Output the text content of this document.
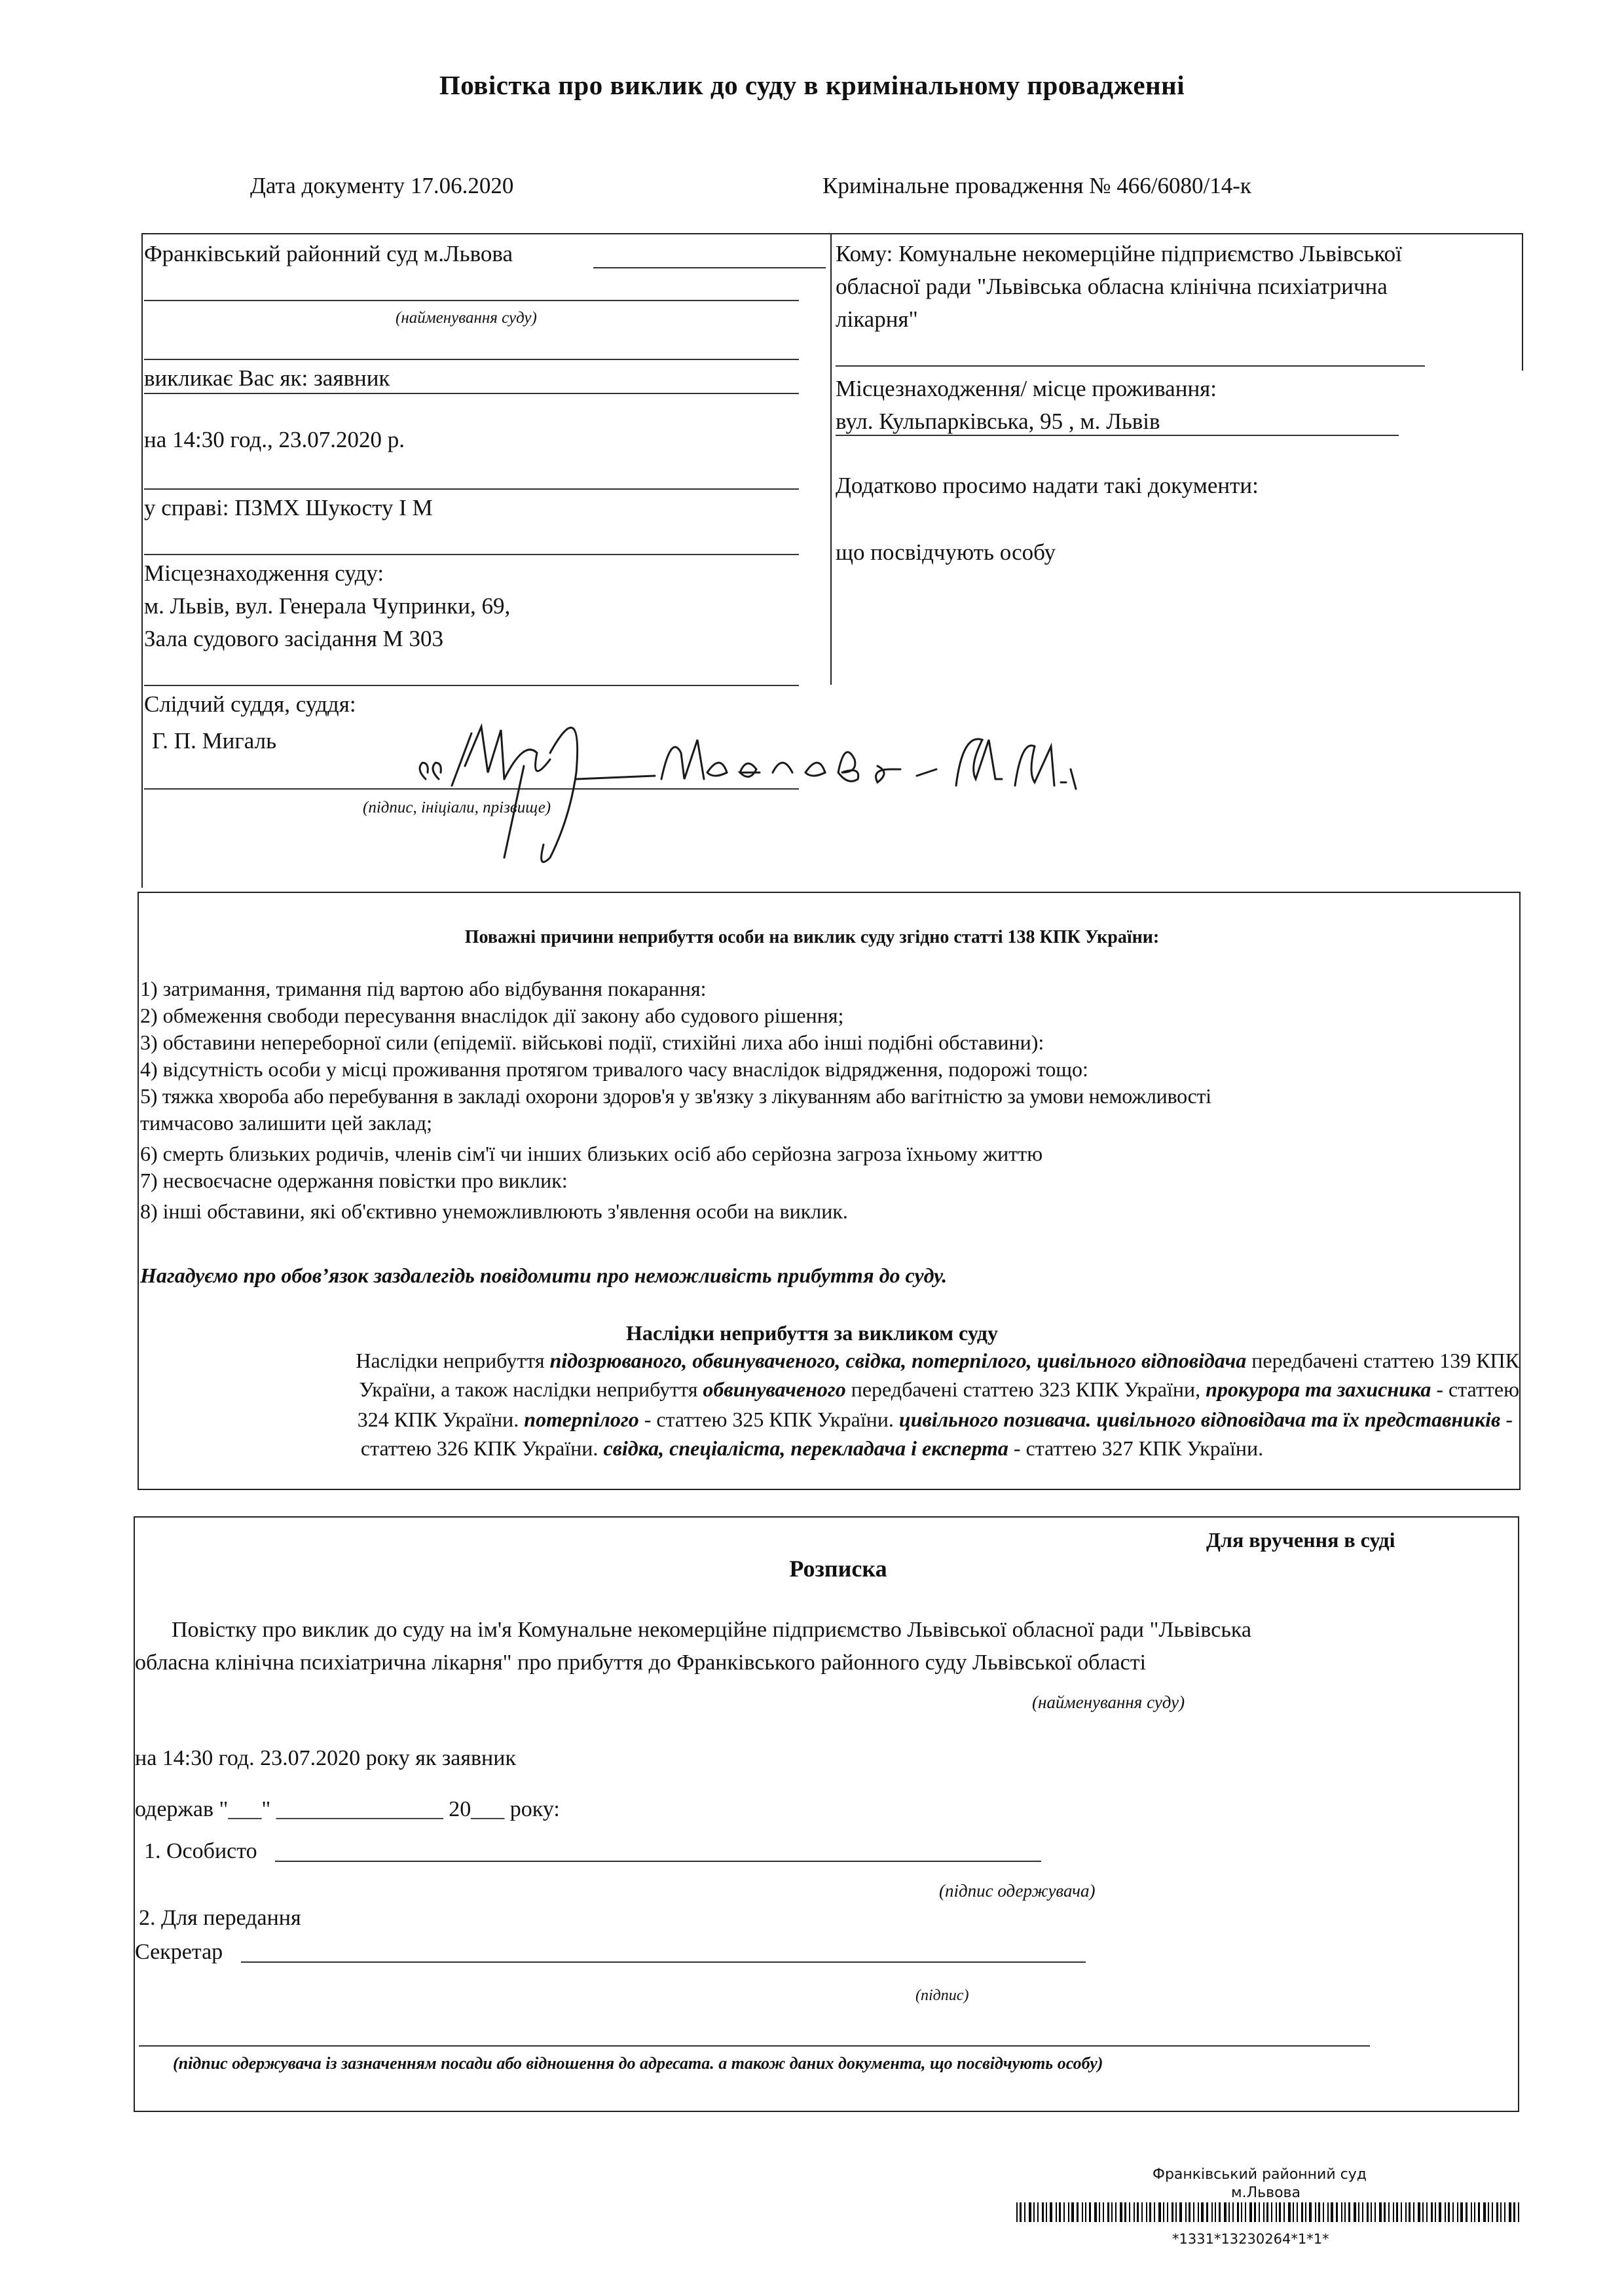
Повістка про виклик до суду в кримінальному провадженні
Дата документу 17.06.2020	Кримінальне провадження № 466/6080/14-к
Франківський районний суд м.Львова
(найменування суду)
викликає Вас як: заявник
на 14:30 год., 23.07.2020 р.
у справі: ПЗМХ Шукосту І М
Місцезнаходження суду:
м. Львів, вул. Генерала Чупринки, 69,
Зала судового засідання М 303
Слідчий суддя, суддя:
Г. П. Мигаль
(підпис, ініціали, прізвище)
Кому: Комунальне некомерційне підприємство Львівської
обласної ради "Львівська обласна клінічна психіатрична
лікарня"
Місцезнаходження/ місце проживання:
вул. Кульпарківська, 95 , м. Львів
Додатково просимо надати такі документи:
що посвідчують особу
Поважні причини неприбуття особи на виклик суду згідно статті 138 КПК України:
1) затримання, тримання під вартою або відбування покарання:
2) обмеження свободи пересування внаслідок дії закону або судового рішення;
3) обставини непереборної сили (епідемії. військові події, стихійні лиха або інші подібні обставини):
4) відсутність особи у місці проживання протягом тривалого часу внаслідок відрядження, подорожі тощо:
5) тяжка хвороба або перебування в закладі охорони здоров'я у зв'язку з лікуванням або вагітністю за умови неможливості
тимчасово залишити цей заклад;
6) смерть близьких родичів, членів сім'ї чи інших близьких осіб або серйозна загроза їхньому життю
7) несвоєчасне одержання повістки про виклик:
8) інші обставини, які об'єктивно унеможливлюють з'явлення особи на виклик.
Нагадуємо про обов’язок заздалегідь повідомити про неможливість прибуття до суду.
Наслідки неприбуття за викликом суду
Наслідки неприбуття підозрюваного, обвинуваченого, свідка, потерпілого, цивільного відповідача передбачені статтею 139 КПК
України, а також наслідки неприбуття обвинуваченого передбачені статтею 323 КПК України, прокурора та захисника - статтею
324 КПК України. потерпілого - статтею 325 КПК України. цивільного позивача. цивільного відповідача та їх представників -
статтею 326 КПК України. свідка, спеціаліста, перекладача і експерта - статтею 327 КПК України.
Для вручення в суді
Розписка
Повістку про виклик до суду на ім'я Комунальне некомерційне підприємство Львівської обласної ради "Львівська
обласна клінічна психіатрична лікарня" про прибуття до Франківського районного суду Львівської області
(найменування суду)
на 14:30 год. 23.07.2020 року як заявник
одержав "___" _______________ 20___ року:
1. Особисто
(підпис одержувача)
2. Для передання
Секретар
(підпис)
(підпис одержувача із зазначенням посади або відношення до адресата. а також даних документа, що посвідчують особу)
Франківський районний суд
м.Львова
*1331*13230264*1*1*
